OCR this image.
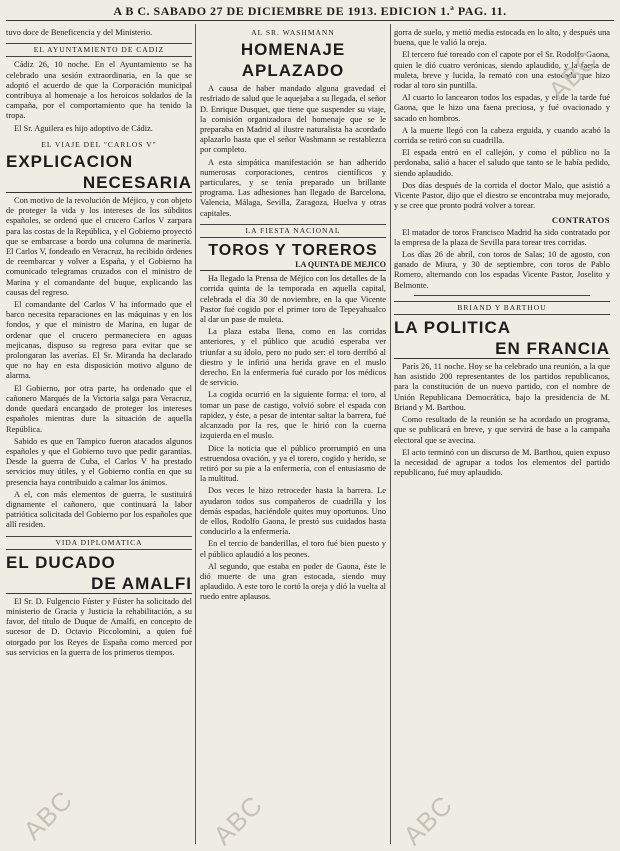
A B C. SABADO 27 DE DICIEMBRE DE 1913. EDICION 1.ª PAG. 11.

tuvo doce de Beneficencia y del Ministerio.

EL AYUNTAMIENTO DE CADIZ

Cádiz 26, 10 noche. En el Ayuntamiento se ha celebrado una sesión extraordinaria, en la que se adoptó el acuerdo de que la Corporación municipal contribuya al homenaje a los heroicos soldados de la campaña, por el comportamiento que ha tenido la tropa.

El Sr. Aguilera es hijo adoptivo de Cádiz.

EL VIAJE DEL "CARLOS V"
EXPLICACION
NECESARIA

Con motivo de la revolución de Méjico, y con objeto de proteger la vida y los intereses de los súbditos españoles, se ordenó que el crucero Carlos V zarpara para las costas de la República, y el Gobierno proyectó que se embarcase a bordo una columna de marinería. El Carlos V, fondeado en Veracruz, ha recibido órdenes de reembarcar y volver a España, y el Gobierno ha comunicado telegramas cruzados con el ministro de Marina y el comandante del buque, explicando las causas del regreso.

El comandante del Carlos V ha informado que el barco necesita reparaciones en las máquinas y en los fondos, y que el ministro de Marina, en lugar de ordenar que el crucero permaneciera en aguas mejicanas, dispuso su regreso para evitar que se prolongaran las averías. El Sr. Miranda ha declarado que no hay en esta disposición motivo alguno de alarma.

El Gobierno, por otra parte, ha ordenado que el cañonero Marqués de la Victoria salga para Veracruz, donde quedará encargado de proteger los intereses españoles mientras dure la situación de aquella República.

Sabido es que en Tampico fueron atacados algunos españoles y que el Gobierno tuvo que pedir garantías. Desde la guerra de Cuba, el Carlos V ha prestado servicios muy útiles, y el Gobierno confía en que su presencia haya contribuido a calmar los ánimos.

A el, con más elementos de guerra, le sustituirá dignamente el cañonero, que continuará la labor patriótica solicitada del Gobierno por los españoles que allí residen.

VIDA DIPLOMATICA
EL DUCADO
DE AMALFI

El Sr. D. Fulgencio Fúster y Fúster ha solicitado del ministerio de Gracia y Justicia la rehabilitación, a su favor, del título de Duque de Amalfi, en concepto de sucesor de D. Octavio Piccolomini, a quien fué otorgado por los Reyes de España como merced por sus servicios en la guerra de los primeros tiempos.

AL SR. WASHMANN
HOMENAJE
APLAZADO

A causa de haber mandado alguna gravedad el resfriado de salud que le aquejaba a su llegada, el señor D. Enrique Dusquet, que tiene que suspender su viaje, la comisión organizadora del homenaje que se le preparaba en Madrid al ilustre naturalista ha acordado aplazarlo hasta que el señor Washmann se restablezca por completo.

A esta simpática manifestación se han adherido numerosas corporaciones, centros científicos y particulares, y se tenía preparado un brillante programa. Las adhesiones han llegado de Barcelona, Valencia, Málaga, Sevilla, Zaragoza, Huelva y otras capitales.

LA FIESTA NACIONAL
TOROS Y TOREROS
LA QUINTA DE MEJICO

Ha llegado la Prensa de Méjico con los detalles de la corrida quinta de la temporada en aquella capital, celebrada el día 30 de noviembre, en la que Vicente Pastor fué cogido por el primer toro de Tepeyahualco al dar un pase de muleta.

La plaza estaba llena, como en las corridas anteriores, y el público que acudió esperaba ver triunfar a su ídolo, pero no pudo ser: el toro derribó al diestro y le infirió una herida grave en el muslo derecho. En la enfermería fué curado por los médicos de servicio.

La cogida ocurrió en la siguiente forma: el toro, al tomar un pase de castigo, volvió sobre el espada con rapidez, y éste, a pesar de intentar saltar la barrera, fué alcanzado por la res, que le hirió con la cuerna izquierda en el muslo.

Dice la noticia que el público prorrumpió en una estruendosa ovación, y ya el torero, cogido y herido, se retiró por su pie a la enfermería, con el entusiasmo de la multitud.

Dos veces le hizo retroceder hasta la barrera. Le ayudaron todos sus compañeros de cuadrilla y los demás espadas, haciéndole quites muy oportunos. Uno de ellos, Rodolfo Gaona, le prestó sus cuidados hasta conducirlo a la enfermería.

En el tercio de banderillas, el toro fué bien puesto y el público aplaudió a los peones.

Al segundo, que estaba en poder de Gaona, éste le dió muerte de una gran estocada, siendo muy aplaudido. A este toro le cortó la oreja y dió la vuelta al ruedo entre aplausos.

gorra de suelo, y metió media estocada en lo alto, y después una buena, que le valió la oreja.

El tercero fué toreado con el capote por el Sr. Rodolfo Gaona, quien le dió cuatro verónicas, siendo aplaudido, y la faena de muleta, breve y lucida, la remató con una estocada que hizo rodar al toro sin puntilla.

Al cuarto lo lancearon todos los espadas, y el de la tarde fué Gaona, que le hizo una faena preciosa, y fué ovacionado y sacado en hombros.

A la muerte llegó con la cabeza erguida, y cuando acabó la corrida se retiró con su cuadrilla.

El espada entró en el callejón, y como el público no la perdonaba, salió a hacer el saludo que tanto se le había pedido, siendo aplaudido.

Dos días después de la corrida el doctor Malo, que asistió a Vicente Pastor, dijo que el diestro se encontraba muy mejorado, y se cree que pronto podrá volver a torear.

CONTRATOS

El matador de toros Francisco Madrid ha sido contratado por la empresa de la plaza de Sevilla para torear tres corridas.

Los días 26 de abril, con toros de Salas; 10 de agosto, con ganado de Miura, y 30 de septiembre, con toros de Pablo Romero, alternando con los espadas Vicente Pastor, Joselito y Belmonte.

BRIAND Y BARTHOU
LA POLITICA
EN FRANCIA

París 26, 11 noche. Hoy se ha celebrado una reunión, a la que han asistido 200 representantes de los partidos republicanos, para la constitución de un nuevo partido, con el nombre de Unión Republicana Democrática, bajo la presidencia de M. Briand y M. Barthou.

Como resultado de la reunión se ha acordado un programa, que se publicará en breve, y que servirá de base a la campaña electoral que se avecina.

El acto terminó con un discurso de M. Barthou, quien expuso la necesidad de agrupar a todos los elementos del partido republicano, fué muy aplaudido.

ABC	ABC	ABC
ABC
